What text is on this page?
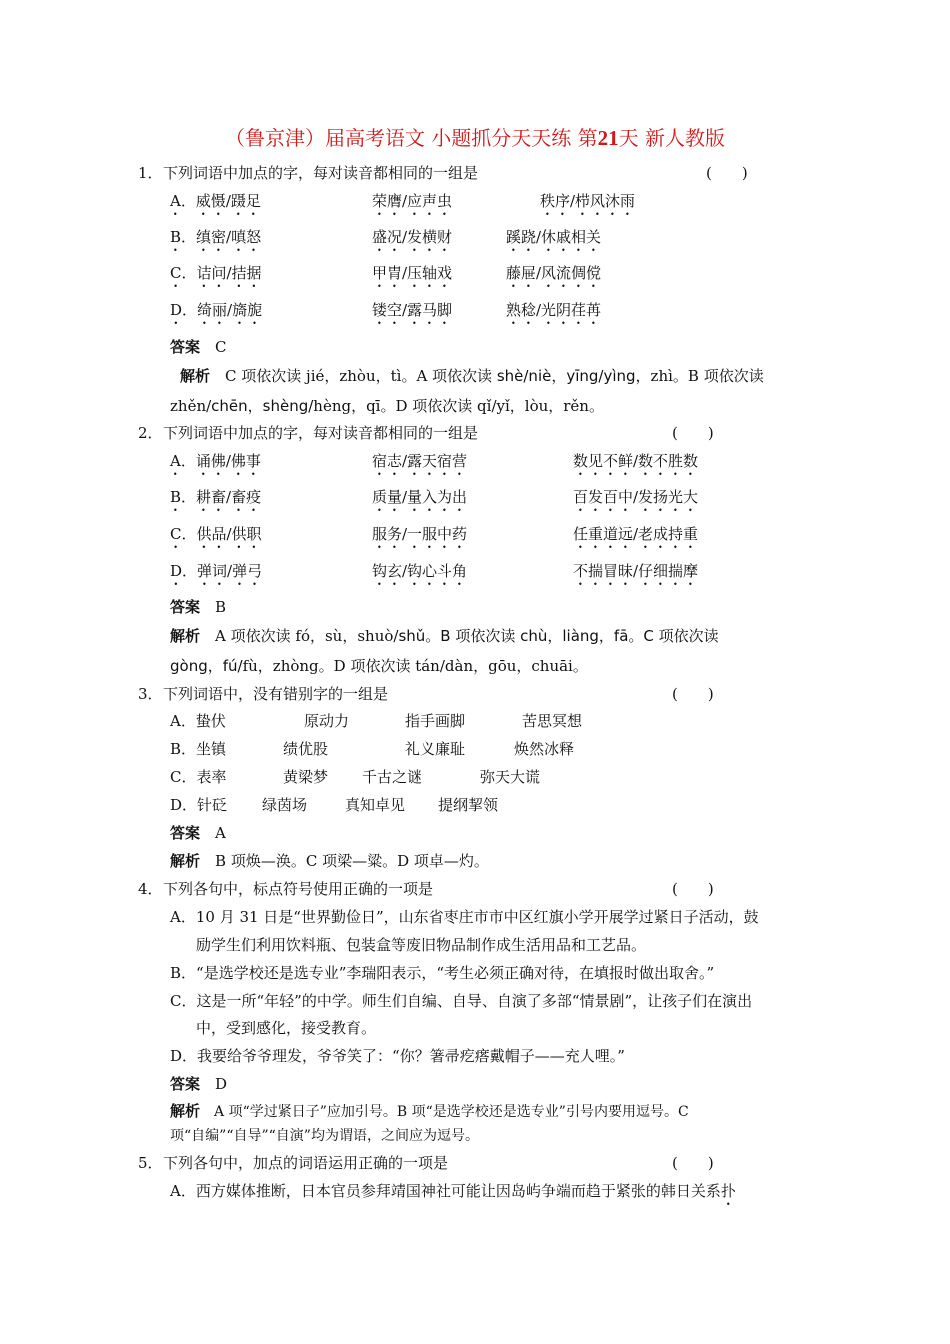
（鲁京津）届高考语文 小题抓分天天练 第21天 新人教版
1． 下列词语中加点的字，每对读音都相同的一组是	(　　)
A．威慑/蹑足	荣膺/应声虫	秩序/栉风沐雨
B．缜密/嗔怒	盛况/发横财	蹊跷/休戚相关
C．诘问/拮据	甲胄/压轴戏	藤屉/风流倜傥
D．绮丽/旖旎	镂空/露马脚	熟稔/光阴荏苒
答案　 C
解析　 C 项依次读 jié，zhòu，tì。A 项依次读 shè/niè，yīng/yìng，zhì。B 项依次读
zhěn/chēn，shèng/hèng，qī。D 项依次读 qǐ/yǐ，lòu，rěn。
2． 下列词语中加点的字，每对读音都相同的一组是	(　　)
A．诵佛/佛事	宿志/露天宿营	数见不鲜/数不胜数
B．耕畜/畜疫	质量/量入为出	百发百中/发扬光大
C．供品/供职	服务/一服中药	任重道远/老成持重
D．弹词/弹弓	钩玄/钩心斗角	不揣冒昧/仔细揣摩
答案　 B
解析　 A 项依次读 fó，sù，shuò/shǔ。B 项依次读 chù，liàng，fā。C 项依次读
gòng，fú/fù，zhòng。D 项依次读 tán/dàn，gōu，chuāi。
3． 下列词语中，没有错别字的一组是	(　　)
A．蛰伏	原动力	指手画脚	苦思冥想
B．坐镇	绩优股	礼义廉耻	焕然冰释
C．表率	黄梁梦 千古之谜	弥天大谎
D．针砭 绿茵场	真知卓见 提纲挈领
答案　 A
解析　 B 项焕—涣。C 项梁—粱。D 项卓—灼。
4． 下列各句中，标点符号使用正确的一项是	(　　)
A．10 月 31 日是“世界勤俭日”，山东省枣庄市市中区红旗小学开展学过紧日子活动，鼓
励学生们利用饮料瓶、包装盒等废旧物品制作成生活用品和工艺品。
B．“是选学校还是选专业”李瑞阳表示，“考生必须正确对待，在填报时做出取舍。”
C．这是一所“年轻”的中学。师生们自编、自导、自演了多部“情景剧”，让孩子们在演出
中，受到感化，接受教育。
D．我要给爷爷理发，爷爷笑了：“你？箸帚疙瘩戴帽子——充人哩。”
答案　 D
解析　 A 项“学过紧日子”应加引号。B 项“是选学校还是选专业”引号内要用逗号。C
项“自编”“自导”“自演”均为谓语，之间应为逗号。
5． 下列各句中，加点的词语运用正确的一项是	(　　)
A．西方媒体推断，日本官员参拜靖国神社可能让因岛屿争端而趋于紧张的韩日关系扑
